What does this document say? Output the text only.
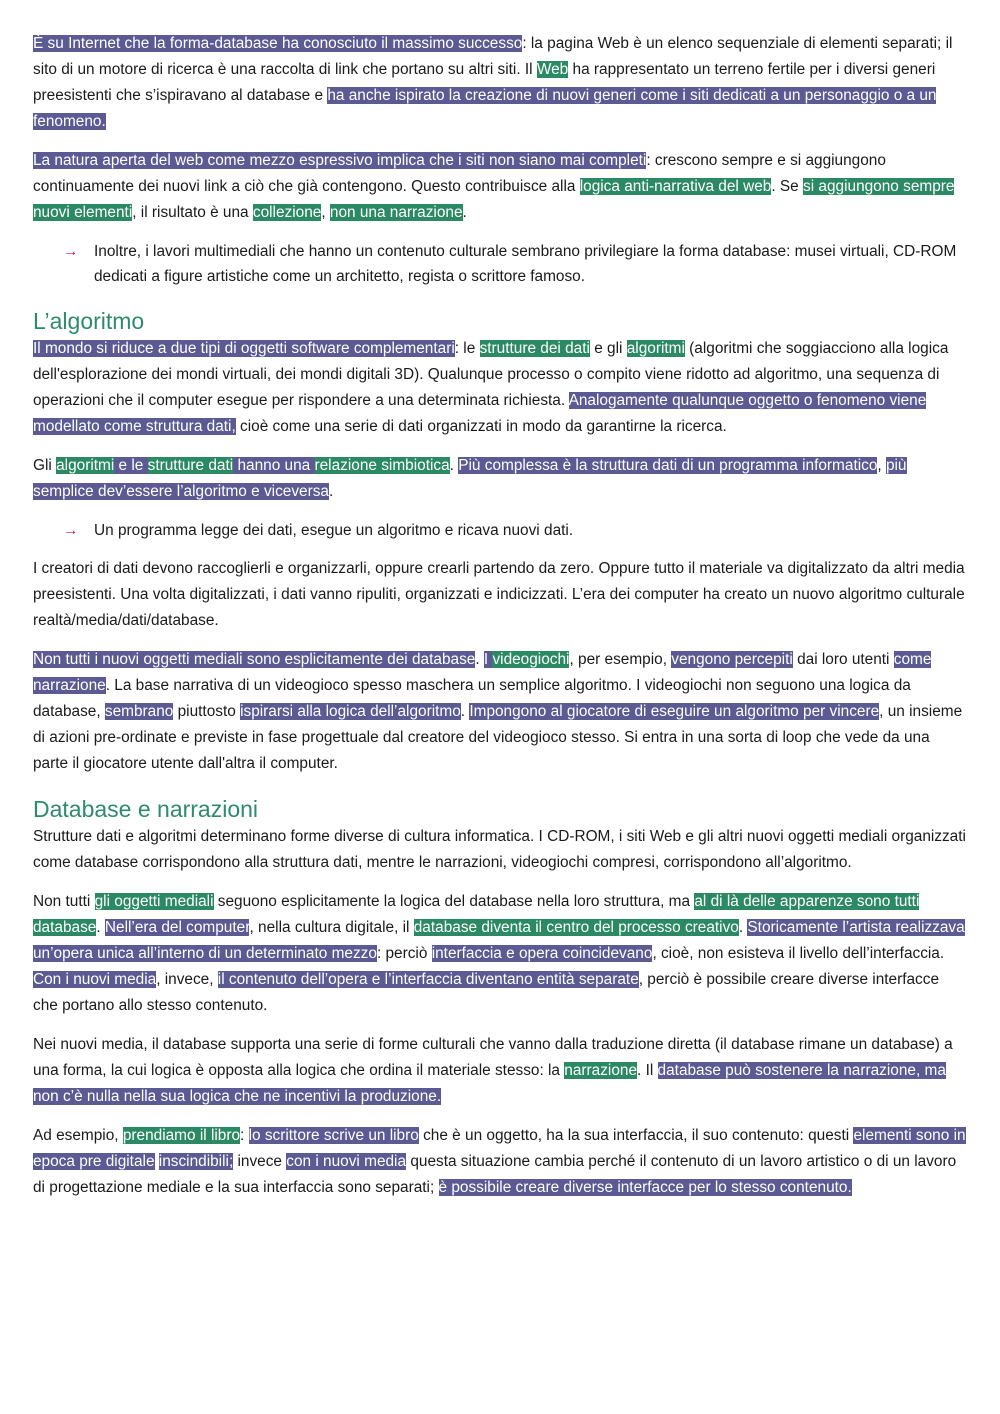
È su Internet che la forma-database ha conosciuto il massimo successo: la pagina Web è un elenco sequenziale di elementi separati; il sito di un motore di ricerca è una raccolta di link che portano su altri siti. Il Web ha rappresentato un terreno fertile per i diversi generi preesistenti che s’ispiravano al database e ha anche ispirato la creazione di nuovi generi come i siti dedicati a un personaggio o a un fenomeno.

La natura aperta del web come mezzo espressivo implica che i siti non siano mai completi: crescono sempre e si aggiungono continuamente dei nuovi link a ciò che già contengono. Questo contribuisce alla logica anti-narrativa del web. Se si aggiungono sempre nuovi elementi, il risultato è una collezione, non una narrazione.

→	Inoltre, i lavori multimediali che hanno un contenuto culturale sembrano privilegiare la forma database: musei virtuali, CD-ROM dedicati a figure artistiche come un architetto, regista o scrittore famoso.
L’algoritmo

Il mondo si riduce a due tipi di oggetti software complementari: le strutture dei dati e gli algoritmi (algoritmi che soggiacciono alla logica dell'esplorazione dei mondi virtuali, dei mondi digitali 3D). Qualunque processo o compito viene ridotto ad algoritmo, una sequenza di operazioni che il computer esegue per rispondere a una determinata richiesta. Analogamente qualunque oggetto o fenomeno viene modellato come struttura dati, cioè come una serie di dati organizzati in modo da garantirne la ricerca.

Gli algoritmi e le strutture dati hanno una relazione simbiotica. Più complessa è la struttura dati di un programma informatico, più semplice dev’essere l’algoritmo e viceversa.

→	Un programma legge dei dati, esegue un algoritmo e ricava nuovi dati.

I creatori di dati devono raccoglierli e organizzarli, oppure crearli partendo da zero. Oppure tutto il materiale va digitalizzato da altri media preesistenti. Una volta digitalizzati, i dati vanno ripuliti, organizzati e indicizzati. L’era dei computer ha creato un nuovo algoritmo culturale realtà/media/dati/database.

Non tutti i nuovi oggetti mediali sono esplicitamente dei database. I videogiochi, per esempio, vengono percepiti dai loro utenti come narrazione. La base narrativa di un videogioco spesso maschera un semplice algoritmo. I videogiochi non seguono una logica da database, sembrano piuttosto ispirarsi alla logica dell’algoritmo. Impongono al giocatore di eseguire un algoritmo per vincere, un insieme di azioni pre-ordinate e previste in fase progettuale dal creatore del videogioco stesso. Si entra in una sorta di loop che vede da una parte il giocatore utente dall'altra il computer.

Database e narrazioni

Strutture dati e algoritmi determinano forme diverse di cultura informatica. I CD-ROM, i siti Web e gli altri nuovi oggetti mediali organizzati come database corrispondono alla struttura dati, mentre le narrazioni, videogiochi compresi, corrispondono all’algoritmo.

Non tutti gli oggetti mediali seguono esplicitamente la logica del database nella loro struttura, ma al di là delle apparenze sono tutti database. Nell’era del computer, nella cultura digitale, il database diventa il centro del processo creativo. Storicamente l’artista realizzava un’opera unica all’interno di un determinato mezzo: perciò interfaccia e opera coincidevano, cioè, non esisteva il livello dell’interfaccia. Con i nuovi media, invece, il contenuto dell’opera e l’interfaccia diventano entità separate, perciò è possibile creare diverse interfacce che portano allo stesso contenuto.

Nei nuovi media, il database supporta una serie di forme culturali che vanno dalla traduzione diretta (il database rimane un database) a una forma, la cui logica è opposta alla logica che ordina il materiale stesso: la narrazione. Il database può sostenere la narrazione, ma non c’è nulla nella sua logica che ne incentivi la produzione.

Ad esempio, prendiamo il libro: lo scrittore scrive un libro che è un oggetto, ha la sua interfaccia, il suo contenuto: questi elementi sono in epoca pre digitale inscindibili; invece con i nuovi media questa situazione cambia perché il contenuto di un lavoro artistico o di un lavoro di progettazione mediale e la sua interfaccia sono separati; è possibile creare diverse interfacce per lo stesso contenuto.
